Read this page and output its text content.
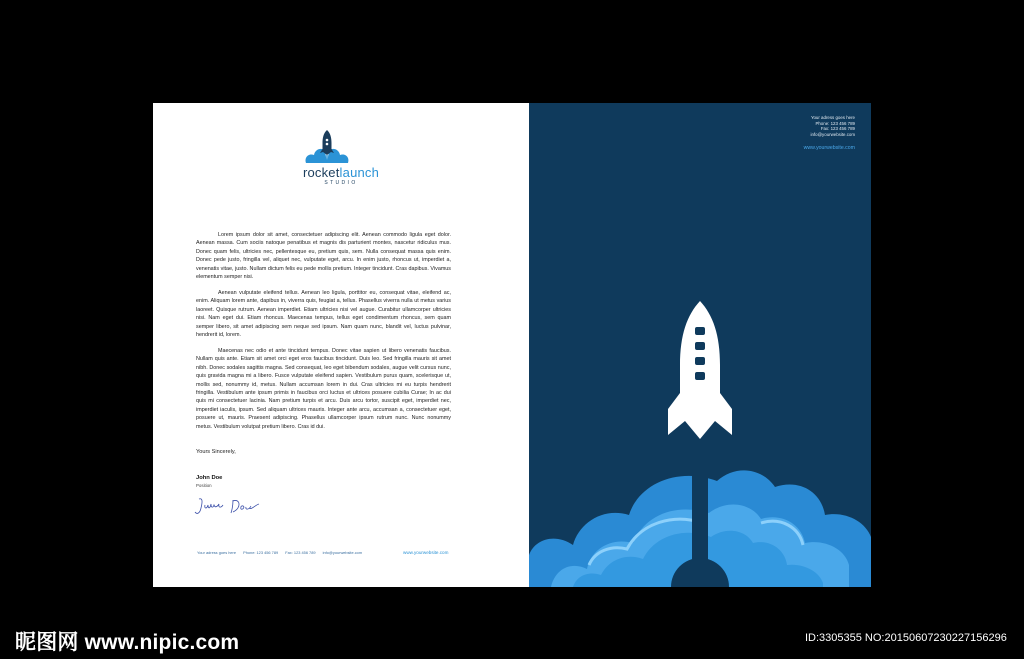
rocketlaunch
STUDIO

Lorem ipsum dolor sit amet, consectetuer adipiscing elit. Aenean commodo ligula eget dolor. Aenean massa. Cum sociis natoque penatibus et magnis dis parturient montes, nascetur ridiculus mus. Donec quam felis, ultricies nec, pellentesque eu, pretium quis, sem. Nulla consequat massa quis enim. Donec pede justo, fringilla vel, aliquet nec, vulputate eget, arcu. In enim justo, rhoncus ut, imperdiet a, venenatis vitae, justo. Nullam dictum felis eu pede mollis pretium. Integer tincidunt. Cras dapibus. Vivamus elementum semper nisi.

Aenean vulputate eleifend tellus. Aenean leo ligula, porttitor eu, consequat vitae, eleifend ac, enim. Aliquam lorem ante, dapibus in, viverra quis, feugiat a, tellus. Phasellus viverra nulla ut metus varius laoreet. Quisque rutrum. Aenean imperdiet. Etiam ultricies nisi vel augue. Curabitur ullamcorper ultricies nisi. Nam eget dui. Etiam rhoncus. Maecenas tempus, tellus eget condimentum rhoncus, sem quam semper libero, sit amet adipiscing sem neque sed ipsum. Nam quam nunc, blandit vel, luctus pulvinar, hendrerit id, lorem.

Maecenas nec odio et ante tincidunt tempus. Donec vitae sapien ut libero venenatis faucibus. Nullam quis ante. Etiam sit amet orci eget eros faucibus tincidunt. Duis leo. Sed fringilla mauris sit amet nibh. Donec sodales sagittis magna. Sed consequat, leo eget bibendum sodales, augue velit cursus nunc, quis gravida magna mi a libero. Fusce vulputate eleifend sapien. Vestibulum purus quam, scelerisque ut, mollis sed, nonummy id, metus. Nullam accumsan lorem in dui. Cras ultricies mi eu turpis hendrerit fringilla. Vestibulum ante ipsum primis in faucibus orci luctus et ultrices posuere cubilia Curae; In ac dui quis mi consectetuer lacinia. Nam pretium turpis et arcu. Duis arcu tortor, suscipit eget, imperdiet nec, imperdiet iaculis, ipsum. Sed aliquam ultrices mauris. Integer ante arcu, accumsan a, consectetuer eget, posuere ut, mauris. Praesent adipiscing. Phasellus ullamcorper ipsum rutrum nunc. Nunc nonummy metus. Vestibulum volutpat pretium libero. Cras id dui.

Yours Sincerely,
John Doe
Position
Your adress goes here Phone: 123 456 789 Fax: 123 456 789 info@yourwebsite.com	www.yourwebsite.com
Your adress goes here
Phone: 123 456 789
Fax: 123 456 789
info@yourwebsite.com
www.yourwebsite.com
昵图网 www.nipic.com	ID:3305355 NO:20150607230227156296
